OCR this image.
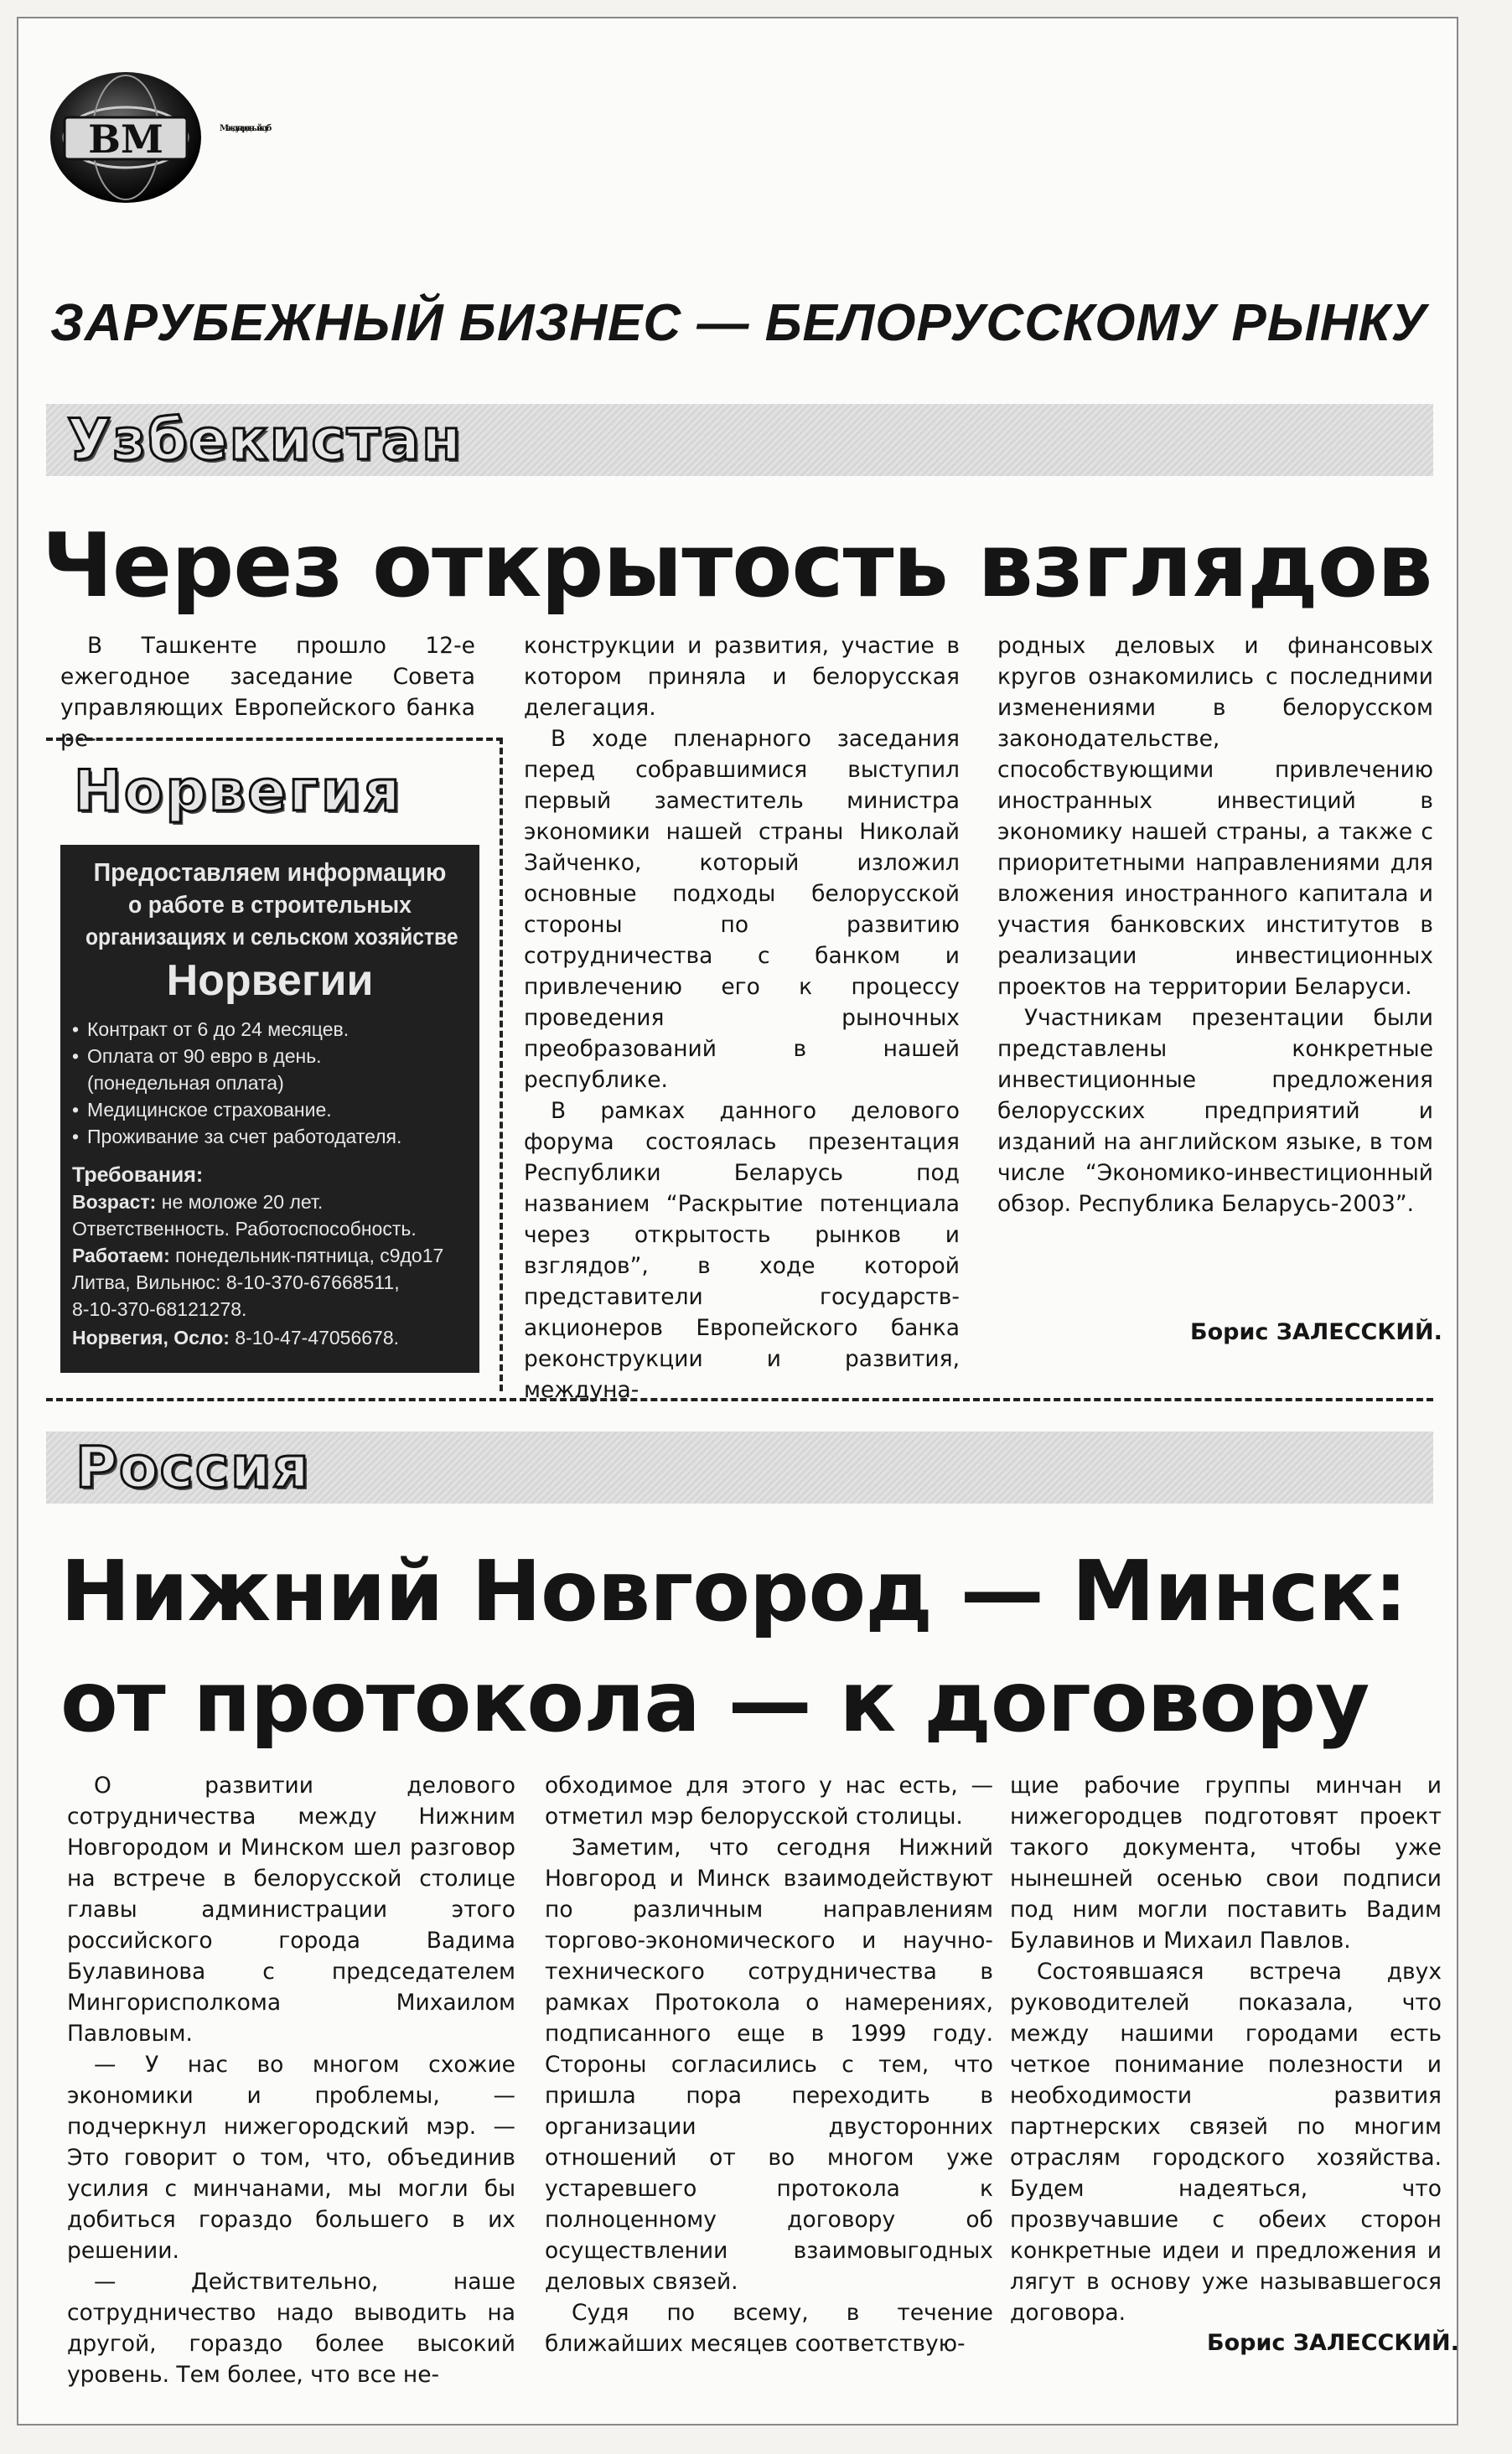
ВМ	Международный клуб
ЗАРУБЕЖНЫЙ БИЗНЕС — БЕЛОРУССКОМУ РЫНКУ
Узбекистан
Через открытость взглядов

В Ташкенте прошло 12-е ежегодное заседание Совета управляющих Европейского банка ре-

конструкции и развития, участие в котором приняла и белорусская делегация.

В ходе пленарного заседания перед собравшимися выступил первый заместитель министра экономики нашей страны Николай Зайченко, который изложил основные подходы белорусской стороны по развитию сотрудничества с банком и привлечению его к процессу проведения рыночных преобразований в нашей республике.

В рамках данного делового форума состоялась презентация Республики Беларусь под названием “Раскрытие потенциала через открытость рынков и взглядов”, в ходе которой представители государств-акционеров Европейского банка реконструкции и развития, междуна-

родных деловых и финансовых кругов ознакомились с последними изменениями в белорусском законодательстве, способствующими привлечению иностранных инвестиций в экономику нашей страны, а также с приоритетными направлениями для вложения иностранного капитала и участия банковских институтов в реализации инвестиционных проектов на территории Беларуси.

Участникам презентации были представлены конкретные инвестиционные предложения белорусских предприятий и изданий на английском языке, в том числе “Экономико-инвестиционный обзор. Республика Беларусь-2003”.

Борис ЗАЛЕССКИЙ.
Норвегия
Предоставляем информацию
о работе в строительных
организациях и сельском хозяйстве
Норвегии
• Контракт от 6 до 24 месяцев.
• Оплата от 90 евро в день.
(понедельная оплата)
• Медицинское страхование.
• Проживание за счет работодателя.
Требования:
Возраст: не моложе 20 лет.
Ответственность. Работоспособность.
Работаем: понедельник-пятница, с9до17
Литва, Вильнюс: 8-10-370-67668511,
8-10-370-68121278.
Норвегия, Осло: 8-10-47-47056678.
Россия
Нижний Новгород — Минск:
от протокола — к договору

О развитии делового сотрудничества между Нижним Новгородом и Минском шел разговор на встрече в белорусской столице главы администрации этого российского города Вадима Булавинова с председателем Мингорисполкома Михаилом Павловым.

— У нас во многом схожие экономики и проблемы, — подчеркнул нижегородский мэр. — Это говорит о том, что, объединив усилия с минчанами, мы могли бы добиться гораздо большего в их решении.

— Действительно, наше сотрудничество надо выводить на другой, гораздо более высокий уровень. Тем более, что все не-

обходимое для этого у нас есть, — отметил мэр белорусской столицы.

Заметим, что сегодня Нижний Новгород и Минск взаимодействуют по различным направлениям торгово-экономического и научно-технического сотрудничества в рамках Протокола о намерениях, подписанного еще в 1999 году. Стороны согласились с тем, что пришла пора переходить в организации двусторонних отношений от во многом уже устаревшего протокола к полноценному договору об осуществлении взаимовыгодных деловых связей.

Судя по всему, в течение ближайших месяцев соответствую-

щие рабочие группы минчан и нижегородцев подготовят проект такого документа, чтобы уже нынешней осенью свои подписи под ним могли поставить Вадим Булавинов и Михаил Павлов.

Состоявшаяся встреча двух руководителей показала, что между нашими городами есть четкое понимание полезности и необходимости развития партнерских связей по многим отраслям городского хозяйства. Будем надеяться, что прозвучавшие с обеих сторон конкретные идеи и предложения и лягут в основу уже называвшегося договора.

Борис ЗАЛЕССКИЙ.
